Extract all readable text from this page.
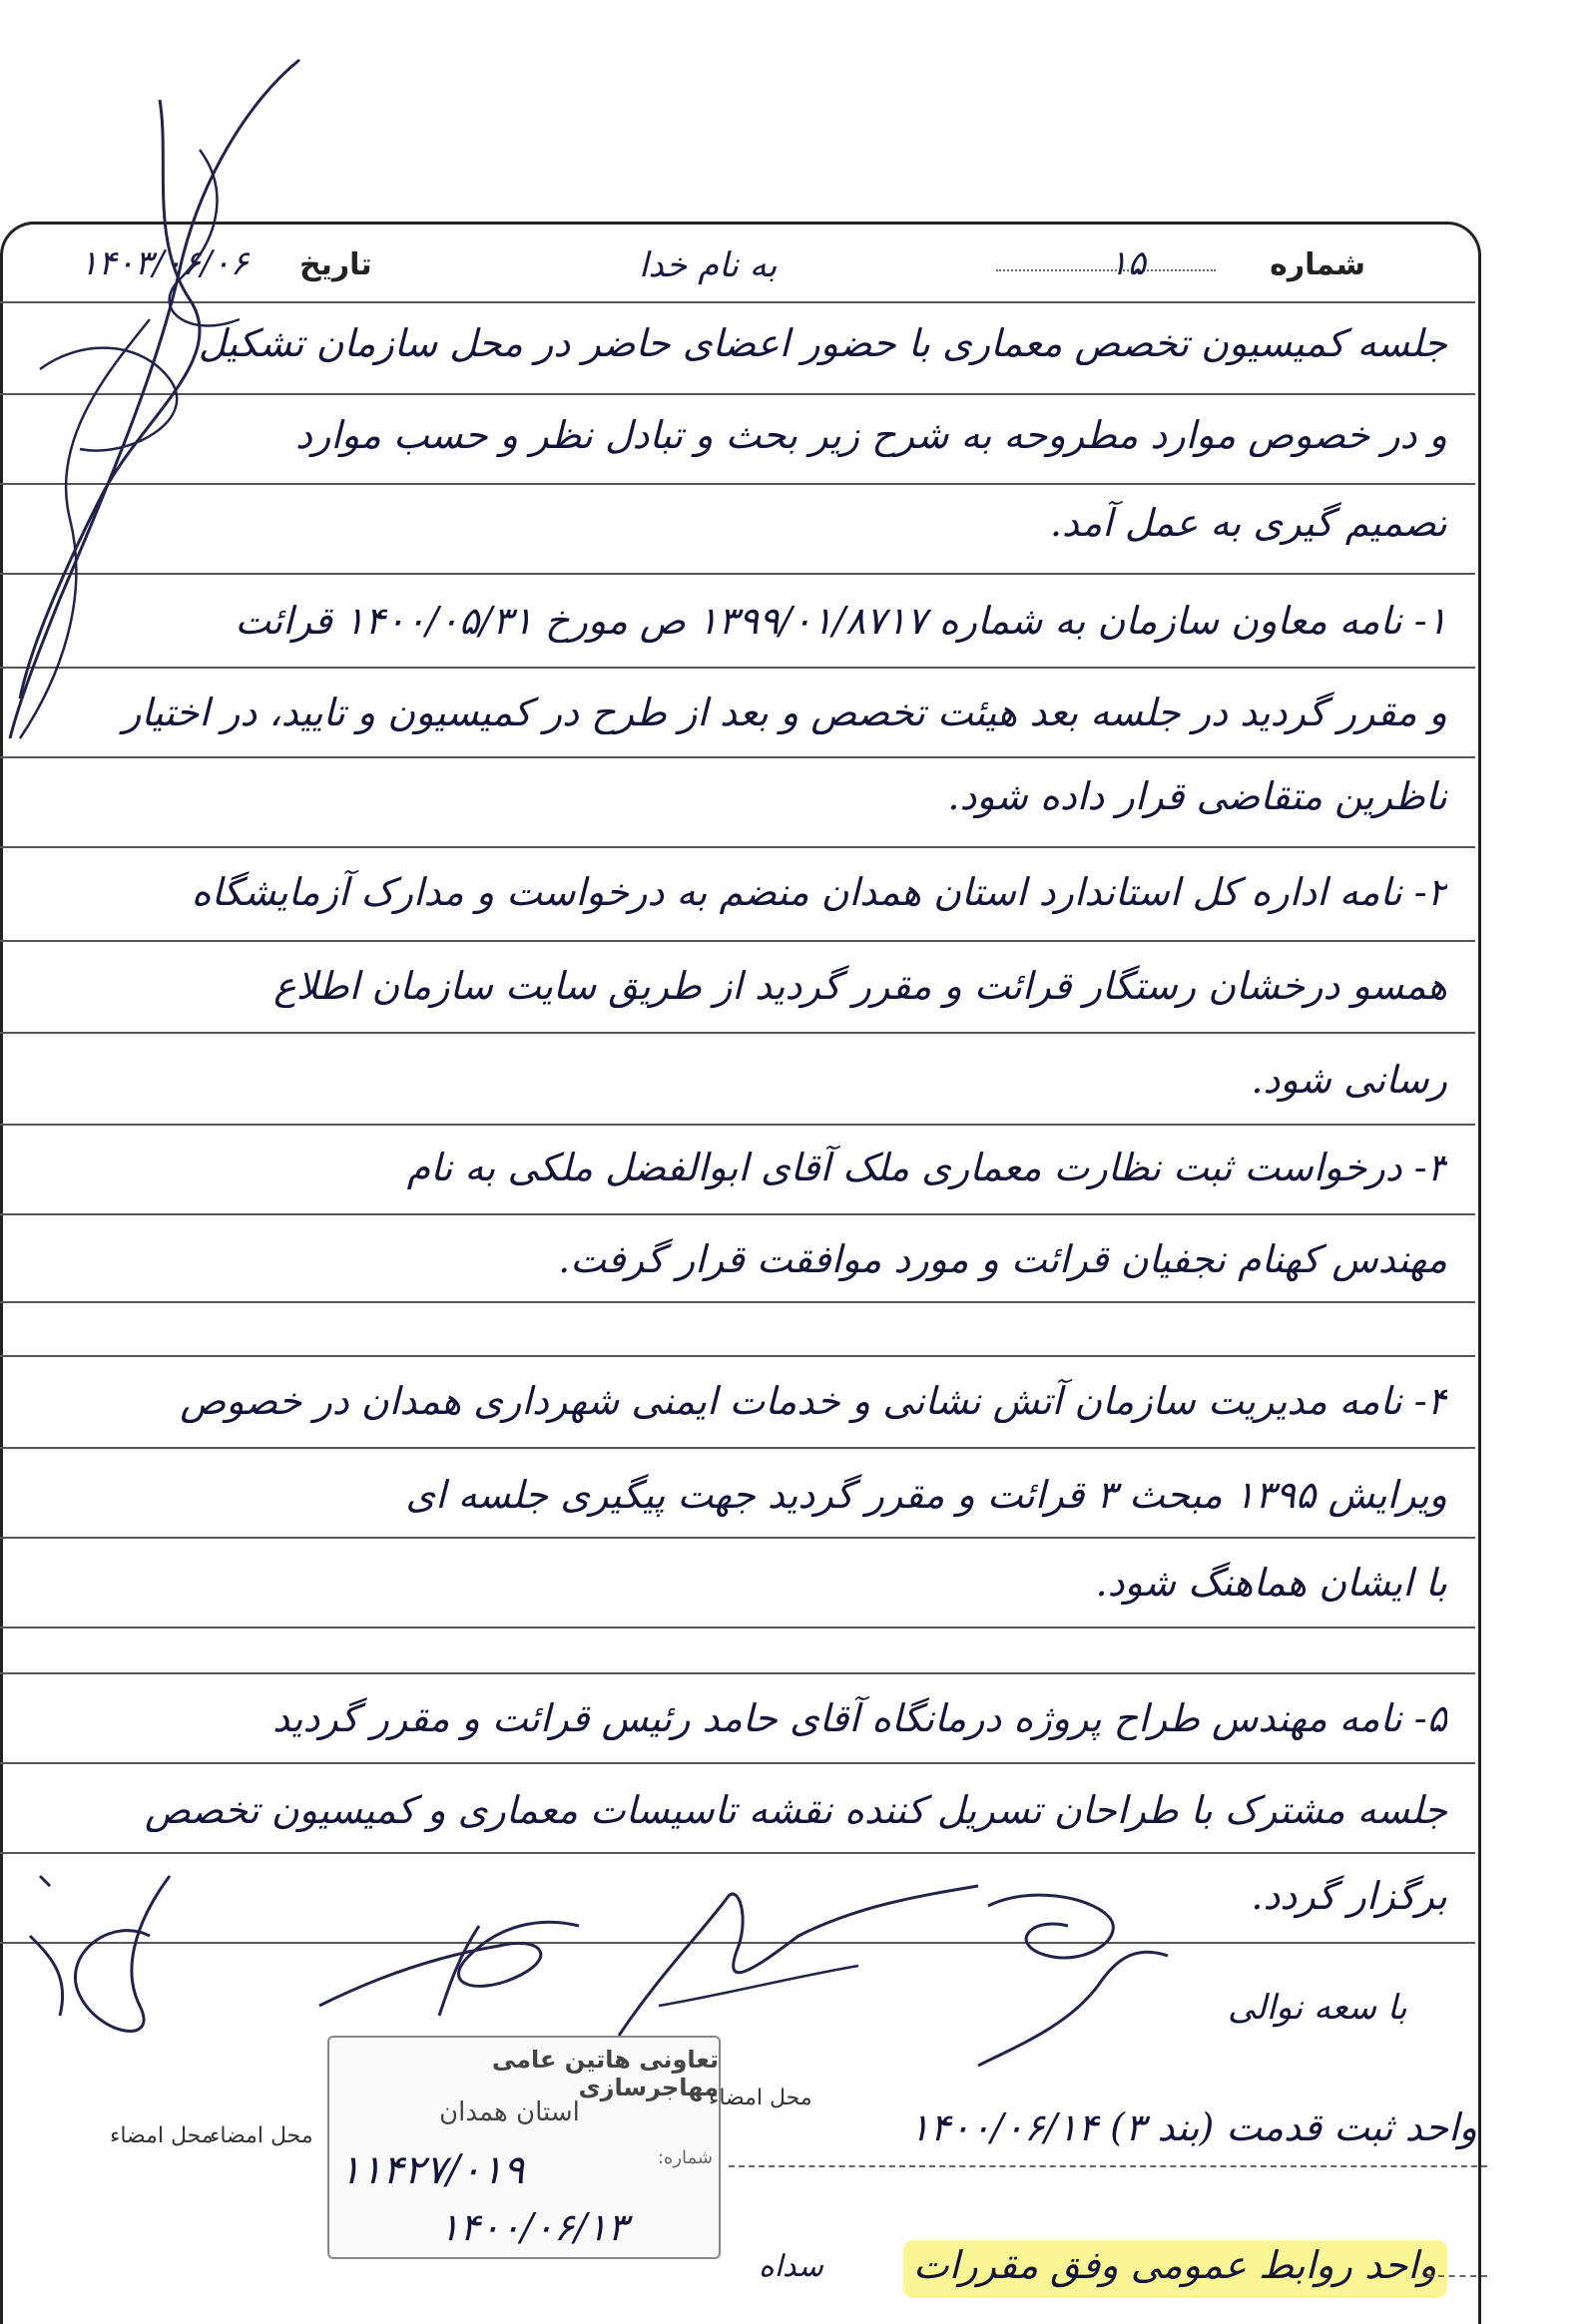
شماره
۱۵
به نام خدا
تاریخ
۱۴۰۳/۰۶/۰۶
جلسه کمیسیون تخصص معماری با حضور اعضای حاضر در محل سازمان تشکیل
و در خصوص موارد مطروحه به شرح زیر بحث و تبادل نظر و حسب موارد
تصمیم گیری به عمل آمد.
۱- نامه معاون سازمان به شماره ۱۳۹۹/۰۱/۸۷۱۷ ص مورخ ۱۴۰۰/۰۵/۳۱ قرائت
و مقرر گردید در جلسه بعد هیئت تخصص و بعد از طرح در کمیسیون و تایید، در اختیار
ناظرین متقاضی قرار داده شود.
۲- نامه اداره کل استاندارد استان همدان منضم به درخواست و مدارک آزمایشگاه
همسو درخشان رستگار قرائت و مقرر گردید از طریق سایت سازمان اطلاع
رسانی شود.
۳- درخواست ثبت نظارت معماری ملک آقای ابوالفضل ملکی به نام
مهندس کهنام نجفیان قرائت و مورد موافقت قرار گرفت.
۴- نامه مدیریت سازمان آتش نشانی و خدمات ایمنی شهرداری همدان در خصوص
ویرایش ۱۳۹۵ مبحث ۳ قرائت و مقرر گردید جهت پیگیری جلسه ای
با ایشان هماهنگ شود.
۵- نامه مهندس طراح پروژه درمانگاه آقای حامد رئیس قرائت و مقرر گردید
جلسه مشترک با طراحان تسریل کننده نقشه تاسیسات معماری و کمیسیون تخصص
برگزار گردد.
با سعه نوالی
محل امضاء
محل امضاء
تعاونی هاتین عامی مهاجرسازی
استان همدان
شماره:
۱۱۴۲۷/۰۱۹
۱۴۰۰/۰۶/۱۳
محل امضاء
واحد ثبت قدمت (بند ۳) ۱۴۰۰/۰۶/۱۴
واحد روابط عمومی وفق مقررات
سداه
